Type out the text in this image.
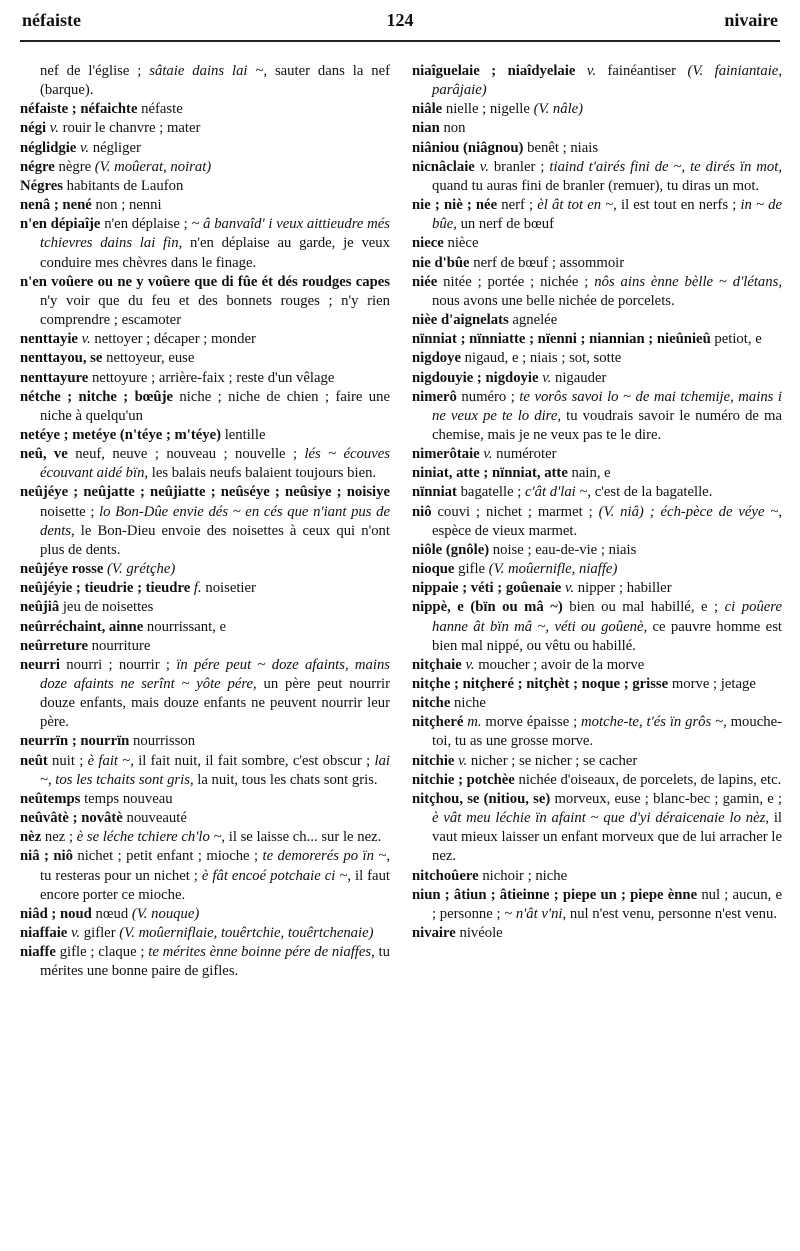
néfaiste	124	nivaire
nef de l'église ; sâtaie dains lai ~, sauter dans la nef (barque).
néfaiste ; néfaichte néfaste
négi v. rouir le chanvre ; mater
néglidgie v. négliger
négre nègre (V. moûerat, noirat)
Négres habitants de Laufon
nenâ ; nené non ; nenni
n'en dépiaîje n'en déplaise ; ~ â banvaîd' i veux aittieudre més tchievres dains lai fin, n'en déplaise au garde, je veux conduire mes chèvres dans le finage.
n'en voûere ou ne y voûere que di fûe ét dés roudges capes n'y voir que du feu et des bonnets rouges ; n'y rien comprendre ; escamoter
nenttayie v. nettoyer ; décaper ; monder
nenttayou, se nettoyeur, euse
nenttayure nettoyure ; arrière-faix ; reste d'un vêlage
nétche ; nitche ; bœûje niche ; niche de chien ; faire une niche à quelqu'un
netéye ; metéye (n'téye ; m'téye) lentille
neû, ve neuf, neuve ; nouveau ; nouvelle ; lés ~ écouves écouvant aidé bïn, les balais neufs balaient toujours bien.
neûjéye ; neûjatte ; neûjiatte ; neûséye ; neûsiye ; noisiye noisette ; lo Bon-Dûe envie dés ~ en cés que n'iant pus de dents, le Bon-Dieu envoie des noisettes à ceux qui n'ont plus de dents.
neûjéye rosse (V. grétçhe)
neûjéyie ; tieudrie ; tieudre f. noisetier
neûjiâ jeu de noisettes
neûrréchaint, ainne nourrissant, e
neûrreture nourriture
neurri nourri ; nourrir ; ïn pére peut ~ doze afaints, mains doze afaints ne serînt ~ yôte pére, un père peut nourrir douze enfants, mais douze enfants ne peuvent nourrir leur père.
neurrïn ; nourrïn nourrisson
neût nuit ; è fait ~, il fait nuit, il fait sombre, c'est obscur ; lai ~, tos les tchaits sont gris, la nuit, tous les chats sont gris.
neûtemps temps nouveau
neûvâtè ; novâtè nouveauté
nèz nez ; è se léche tchiere ch'lo ~, il se laisse ch... sur le nez.
niâ ; niô nichet ; petit enfant ; mioche ; te demorerés po ïn ~, tu resteras pour un nichet ; è fât encoé potchaie ci ~, il faut encore porter ce mioche.
niâd ; noud nœud (V. nouque)
niaffaie v. gifler (V. moûerniflaie, touêrtchie, touêrtchenaie)
niaffe gifle ; claque ; te mérites ènne boinne pére de niaffes, tu mérites une bonne paire de gifles.
niaîguelaie ; niaîdyelaie v. fainéantiser (V. fainiantaie, parâjaie)
niâle nielle ; nigelle (V. nâle)
nian non
niâniou (niâgnou) benêt ; niais
nicnâclaie v. branler ; tiaind t'airés fini de ~, te dirés ïn mot, quand tu auras fini de branler (remuer), tu diras un mot.
nie ; niè ; née nerf ; èl ât tot en ~, il est tout en nerfs ; in ~ de bûe, un nerf de bœuf
niece nièce
nie d'bûe nerf de bœuf ; assommoir
niée nitée ; portée ; nichée ; nôs ains ènne bèlle ~ d'létans, nous avons une belle nichée de porcelets.
nièe d'aignelats agnelée
nïnniat ; nïnniatte ; nïenni ; niannian ; nieûnieû petiot, e
nigdoye nigaud, e ; niais ; sot, sotte
nigdouyie ; nigdoyie v. nigauder
nimerô numéro ; te vorôs savoi lo ~ de mai tchemije, mains i ne veux pe te lo dire, tu voudrais savoir le numéro de ma chemise, mais je ne veux pas te le dire.
nimerôtaie v. numéroter
niniat, atte ; nïnniat, atte nain, e
nïnniat bagatelle ; c'ât d'lai ~, c'est de la bagatelle.
niô couvi ; nichet ; marmet ; (V. niâ) ; éch-pèce de véye ~, espèce de vieux marmet.
niôle (gnôle) noise ; eau-de-vie ; niais
nioque gifle (V. moûerniflе, niaffe)
nippaie ; véti ; goûenaie v. nipper ; habiller
nippè, e (bïn ou mâ ~) bien ou mal habillé, e ; ci poûere hanne ât bïn mâ ~, véti ou goûenè, ce pauvre homme est bien mal nippé, ou vêtu ou habillé.
nitçhaie v. moucher ; avoir de la morve
nitçhe ; nitçheré ; nitçhèt ; noque ; grisse morve ; jetage
nitche niche
nitçheré m. morve épaisse ; motche-te, t'és ïn grôs ~, mouche-toi, tu as une grosse morve.
nitchie v. nicher ; se nicher ; se cacher
nitchie ; potchèe nichée d'oiseaux, de porcelets, de lapins, etc.
nitçhou, se (nitiou, se) morveux, euse ; blanc-bec ; gamin, e ; è vât meu léchie ïn afaint ~ que d'yi déraicenaie lo nèz, il vaut mieux laisser un enfant morveux que de lui arracher le nez.
nitchoûere nichoir ; niche
niun ; âtiun ; âtieinne ; piepe un ; piepe ènne nul ; aucun, e ; personne ; ~ n'ât v'ni, nul n'est venu, personne n'est venu.
nivaire nivéole
